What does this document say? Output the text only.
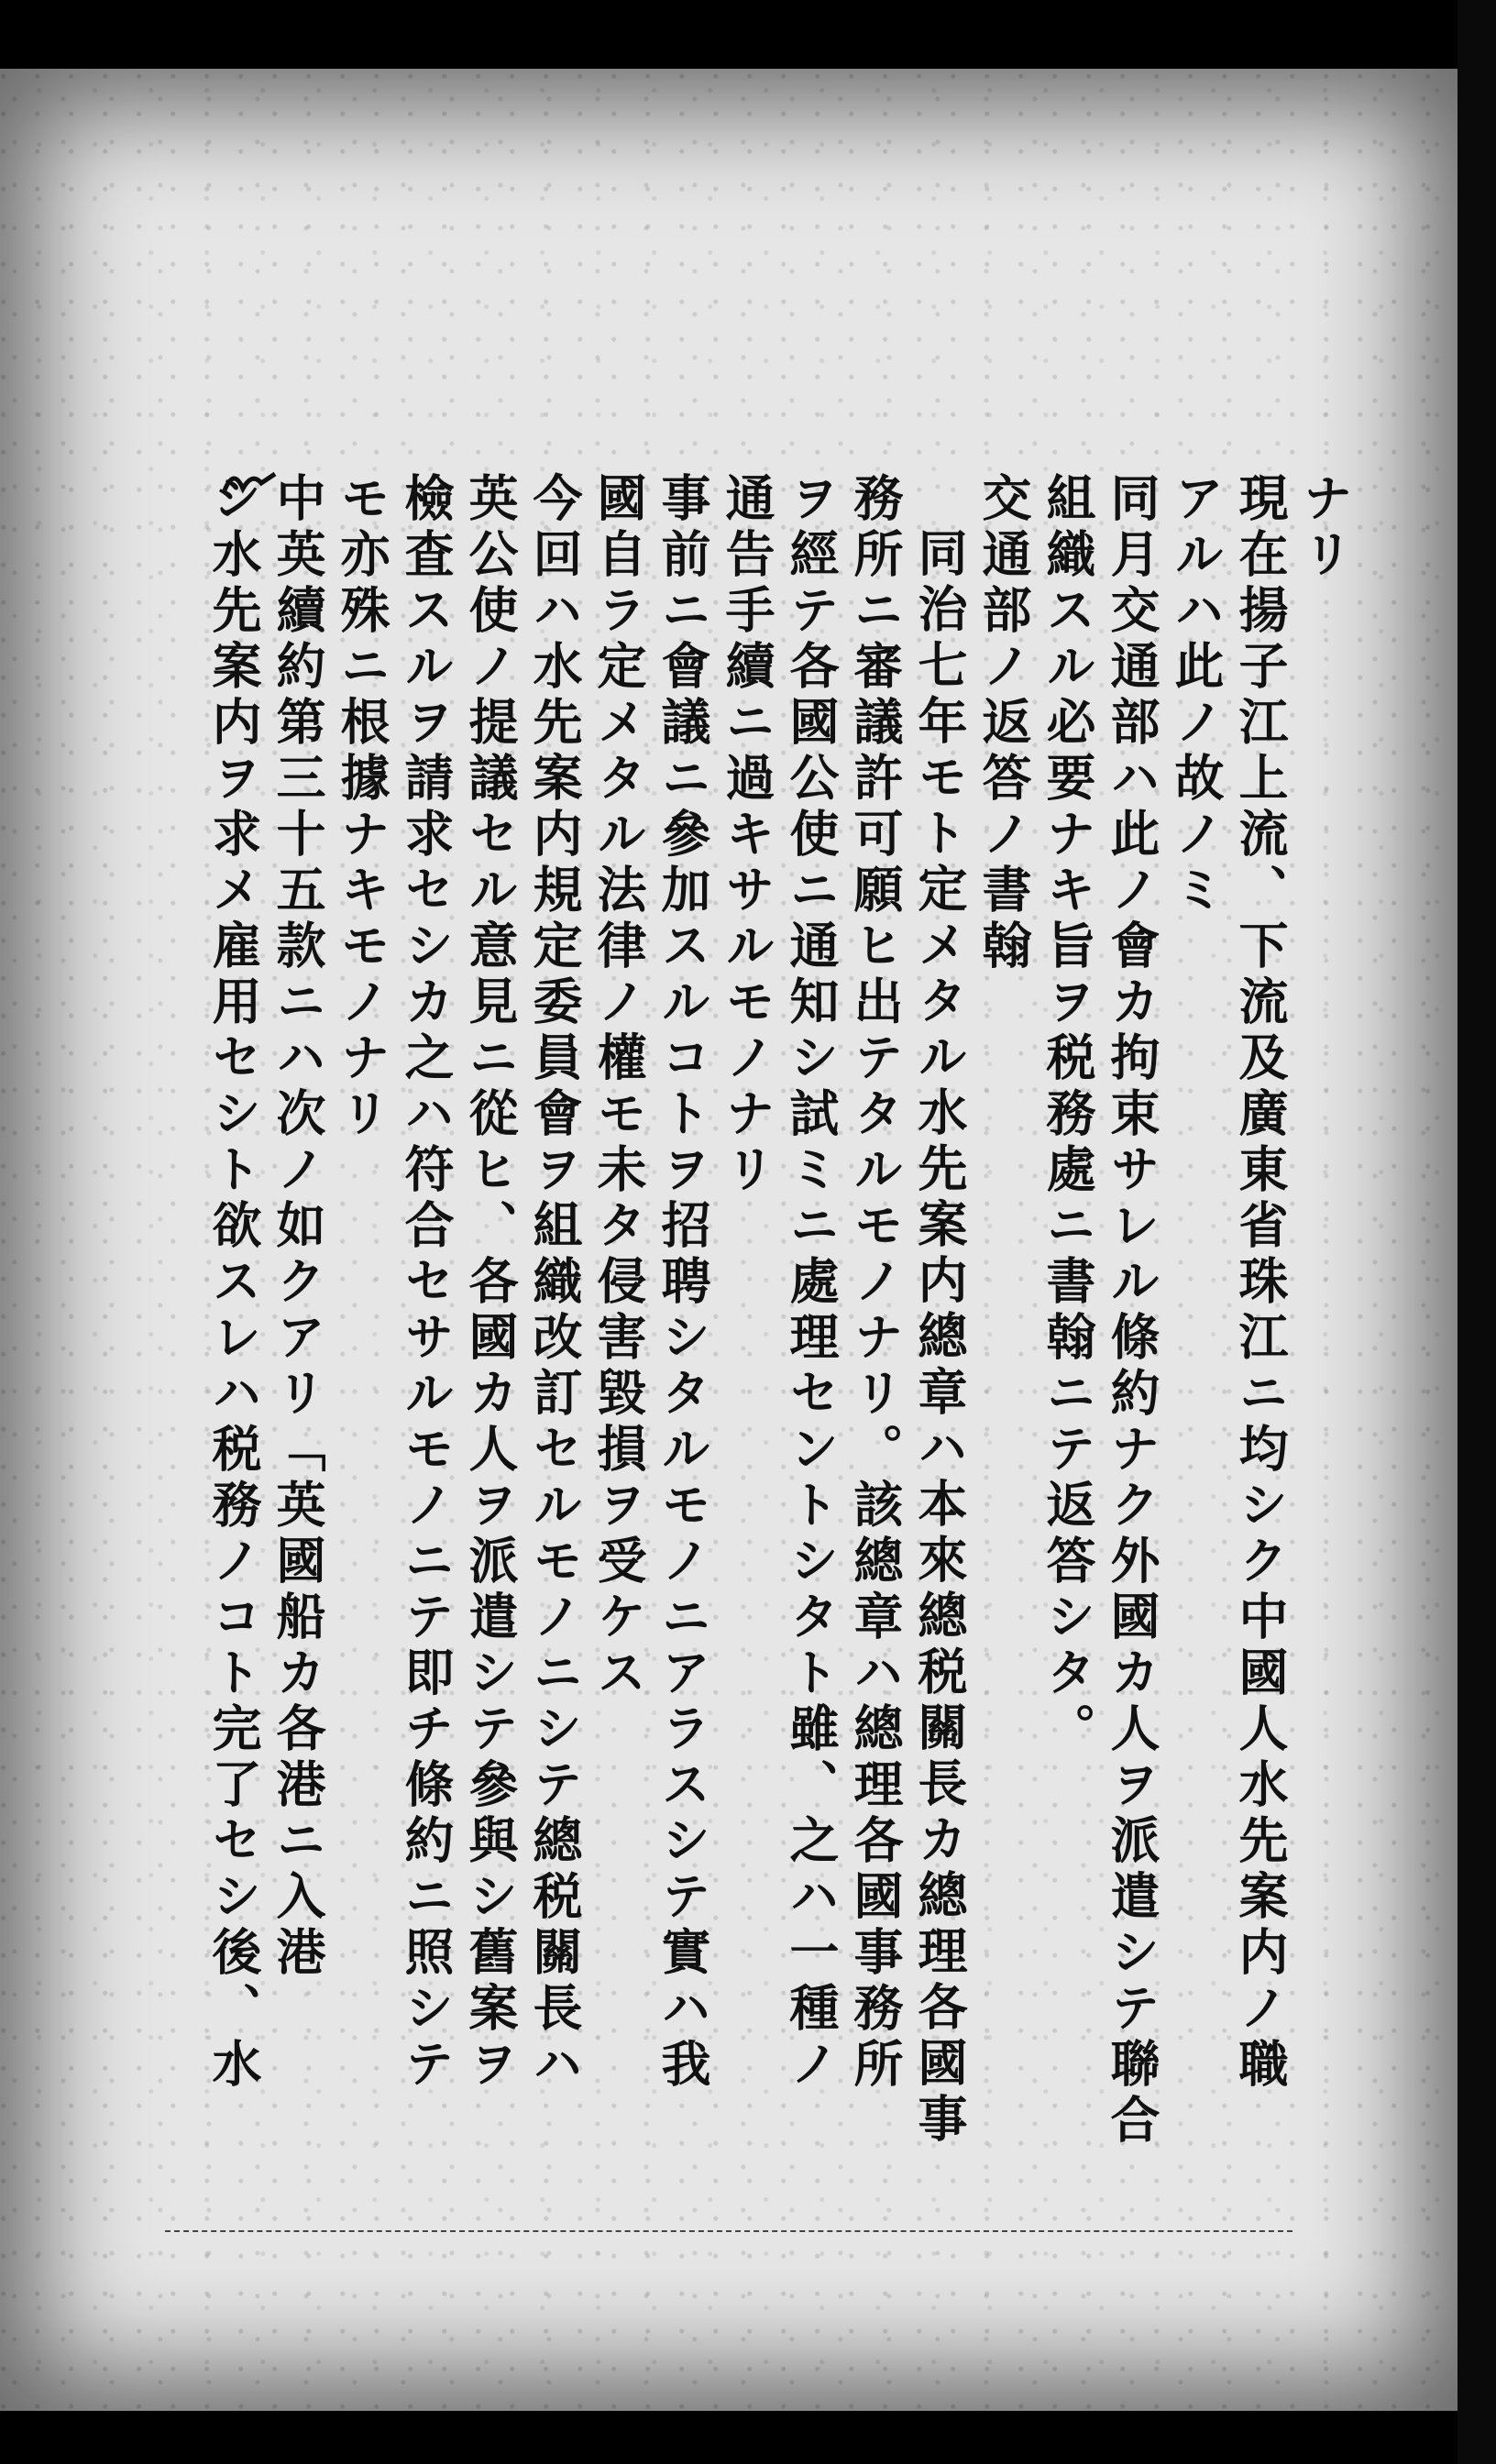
ナリ
現在揚子江上流、下流及廣東省珠江ニ均シク中國人水先案内ノ職
アルハ此ノ故ノミ
同月交通部ハ此ノ會カ拘束サレル條約ナク外國カ人ヲ派遣シテ聯合
組織スル必要ナキ旨ヲ税務處ニ書翰ニテ返答シタ。
交通部ノ返答ノ書翰
同治七年モト定メタル水先案内總章ハ本來總税關長カ總理各國事
務所ニ審議許可願ヒ出テタルモノナリ。該總章ハ總理各國事務所
ヲ經テ各國公使ニ通知シ試ミニ處理セントシタト雖、之ハ一種ノ
通告手續ニ過キサルモノナリ
事前ニ會議ニ參加スルコトヲ招聘シタルモノニアラスシテ實ハ我
國自ラ定メタル法律ノ權モ未タ侵害毀損ヲ受ケス
今回ハ水先案内規定委員會ヲ組織改訂セルモノニシテ總税關長ハ
英公使ノ提議セル意見ニ從ヒ、各國カ人ヲ派遣シテ參與シ舊案ヲ
檢査スルヲ請求セシカ之ハ符合セサルモノニテ即チ條約ニ照シテ
モ亦殊ニ根據ナキモノナリ
中英續約第三十五款ニハ次ノ如クアリ「英國船カ各港ニ入港
シ水先案内ヲ求メ雇用セシト欲スレハ税務ノコト完了セシ後、水
